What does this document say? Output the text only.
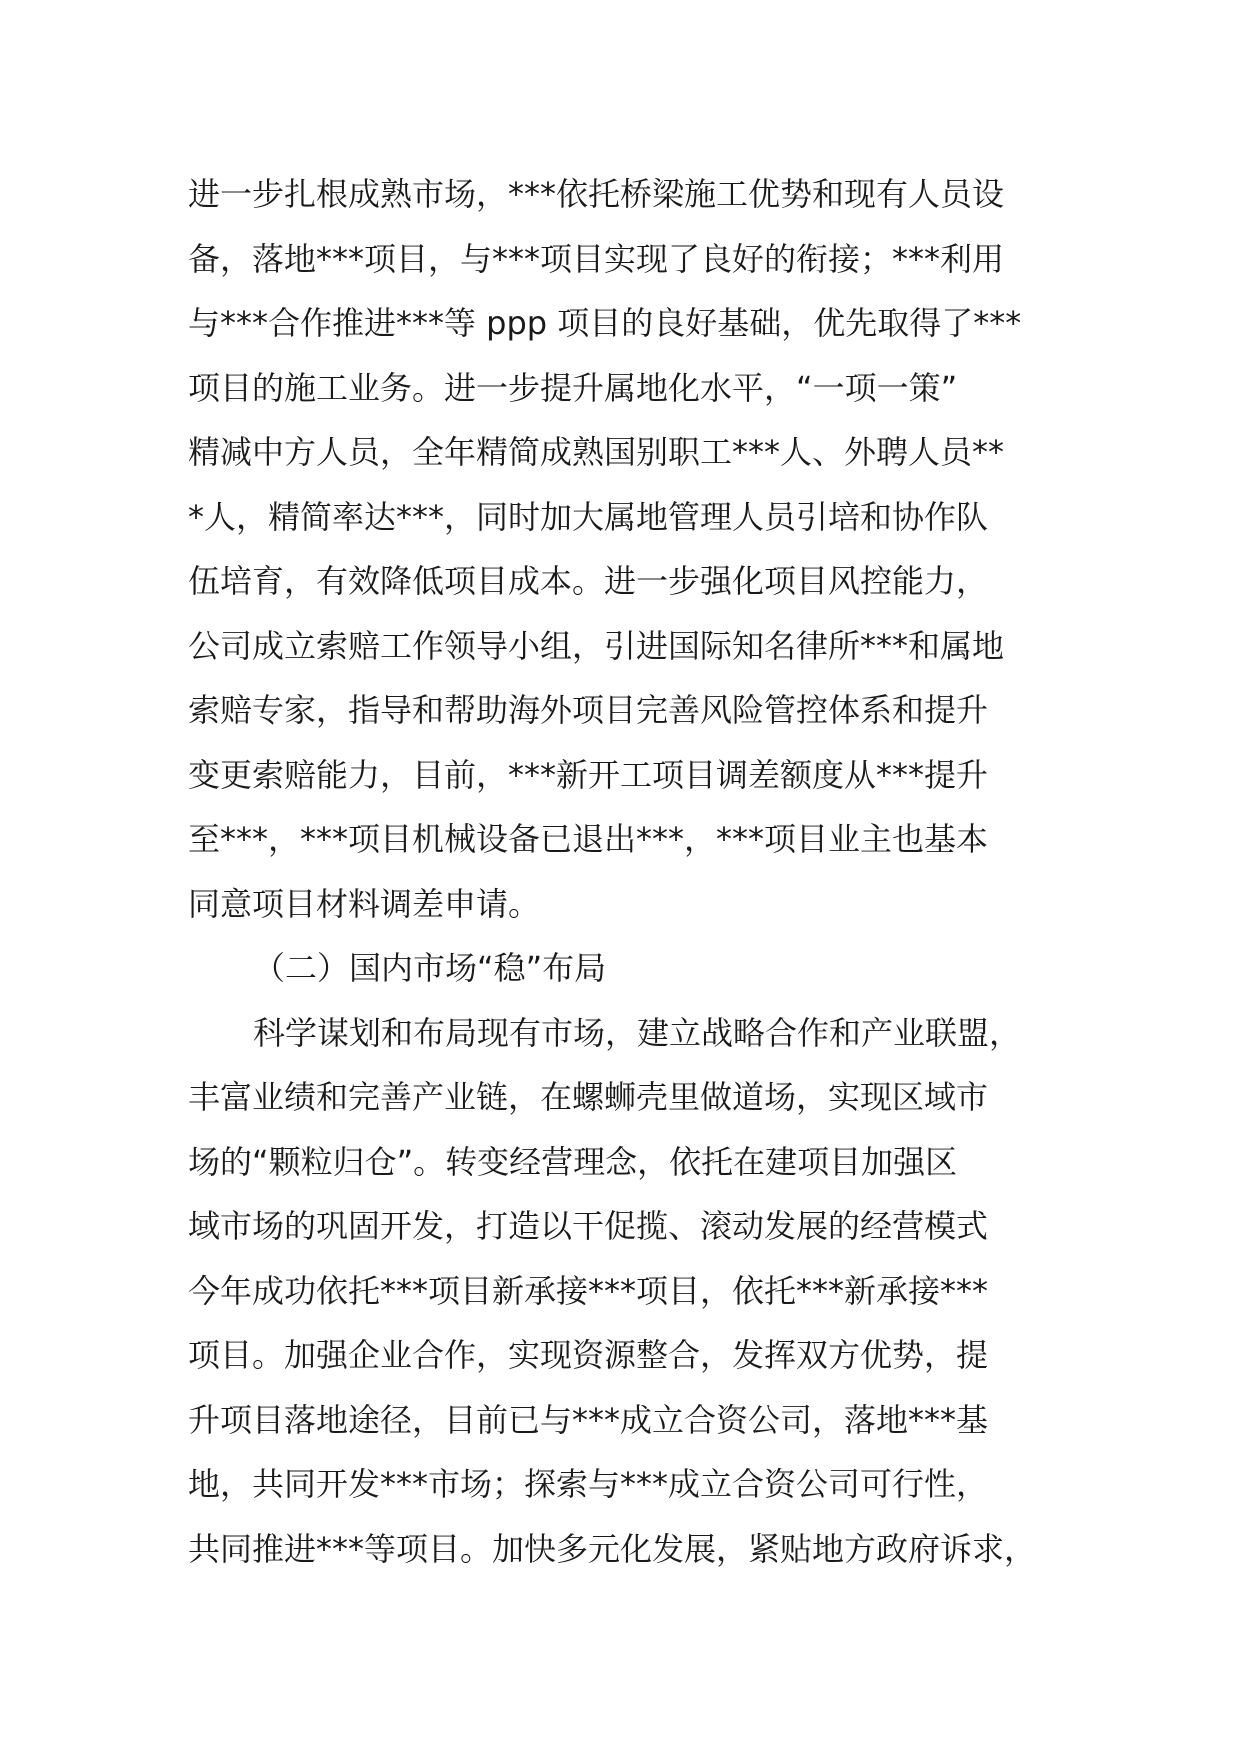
进一步扎根成熟市场，***依托桥梁施工优势和现有人员设
备，落地***项目，与***项目实现了良好的衔接；***利用
与***合作推进***等 ppp 项目的良好基础，优先取得了***
项目的施工业务。进一步提升属地化水平，“一项一策”
精减中方人员，全年精简成熟国别职工***人、外聘人员**
*人，精简率达***，同时加大属地管理人员引培和协作队
伍培育，有效降低项目成本。进一步强化项目风控能力，
公司成立索赔工作领导小组，引进国际知名律所***和属地
索赔专家，指导和帮助海外项目完善风险管控体系和提升
变更索赔能力，目前，***新开工项目调差额度从***提升
至***，***项目机械设备已退出***，***项目业主也基本
同意项目材料调差申请。
（二）国内市场“稳”布局
科学谋划和布局现有市场，建立战略合作和产业联盟，
丰富业绩和完善产业链，在螺蛳壳里做道场，实现区域市
场的“颗粒归仓”。转变经营理念，依托在建项目加强区
域市场的巩固开发，打造以干促揽、滚动发展的经营模式
今年成功依托***项目新承接***项目，依托***新承接***
项目。加强企业合作，实现资源整合，发挥双方优势，提
升项目落地途径，目前已与***成立合资公司，落地***基
地，共同开发***市场；探索与***成立合资公司可行性，
共同推进***等项目。加快多元化发展，紧贴地方政府诉求，
